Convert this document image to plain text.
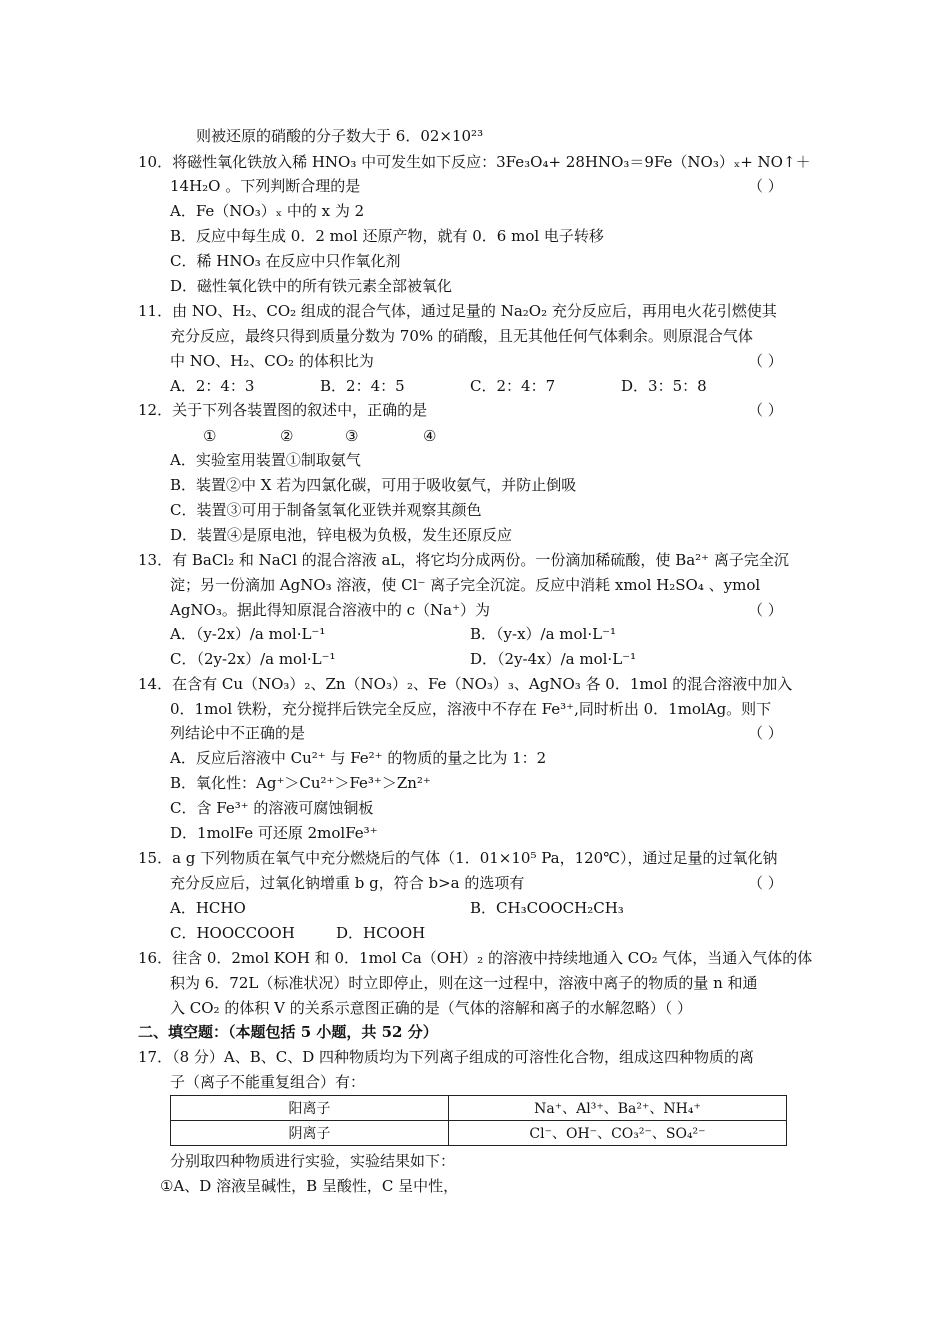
则被还原的硝酸的分子数大于 6．02×10²³
10．将磁性氧化铁放入稀 HNO₃ 中可发生如下反应：3Fe₃O₄+ 28HNO₃＝9Fe（NO₃）ₓ+ NO↑＋
14H₂O 。下列判断合理的是	（ ）
A．Fe（NO₃）ₓ 中的 x 为 2
B．反应中每生成 0．2 mol 还原产物，就有 0．6 mol 电子转移
C．稀 HNO₃ 在反应中只作氧化剂
D．磁性氧化铁中的所有铁元素全部被氧化
11．由 NO、H₂、CO₂ 组成的混合气体，通过足量的 Na₂O₂ 充分反应后，再用电火花引燃使其
充分反应，最终只得到质量分数为 70% 的硝酸，且无其他任何气体剩余。则原混合气体
中 NO、H₂、CO₂ 的体积比为	（ ）
A．2：4：3	B．2：4：5	C．2：4：7	D．3：5：8
12．关于下列各装置图的叙述中，正确的是	（ ）
①	②	③	④
A．实验室用装置①制取氨气
B．装置②中 X 若为四氯化碳，可用于吸收氨气，并防止倒吸
C．装置③可用于制备氢氧化亚铁并观察其颜色
D．装置④是原电池，锌电极为负极，发生还原反应
13．有 BaCl₂ 和 NaCl 的混合溶液 aL，将它均分成两份。一份滴加稀硫酸，使 Ba²⁺ 离子完全沉
淀；另一份滴加 AgNO₃ 溶液，使 Cl⁻ 离子完全沉淀。反应中消耗 xmol H₂SO₄ 、ymol
AgNO₃。据此得知原混合溶液中的 c（Na⁺）为	（ ）
A．（y-2x）/a mol·L⁻¹	B．（y-x）/a mol·L⁻¹
C．（2y-2x）/a mol·L⁻¹	D．（2y-4x）/a mol·L⁻¹
14．在含有 Cu（NO₃）₂、Zn（NO₃）₂、Fe（NO₃）₃、AgNO₃ 各 0．1mol 的混合溶液中加入
0．1mol 铁粉，充分搅拌后铁完全反应，溶液中不存在 Fe³⁺,同时析出 0．1molAg。则下
列结论中不正确的是	（ ）
A．反应后溶液中 Cu²⁺ 与 Fe²⁺ 的物质的量之比为 1：2
B．氧化性：Ag⁺＞Cu²⁺＞Fe³⁺＞Zn²⁺
C．含 Fe³⁺ 的溶液可腐蚀铜板
D．1molFe 可还原 2molFe³⁺
15．a g 下列物质在氧气中充分燃烧后的气体（1．01×10⁵ Pa，120℃），通过足量的过氧化钠
充分反应后，过氧化钠增重 b g，符合 b>a 的选项有	（ ）
A．HCHO	B．CH₃COOCH₂CH₃
C．HOOCCOOH	D．HCOOH
16．往含 0．2mol KOH 和 0．1mol Ca（OH）₂ 的溶液中持续地通入 CO₂ 气体，当通入气体的体
积为 6．72L（标准状况）时立即停止，则在这一过程中，溶液中离子的物质的量 n 和通
入 CO₂ 的体积 V 的关系示意图正确的是（气体的溶解和离子的水解忽略）（ ）
二、填空题：（本题包括 5 小题，共 52 分）
17．（8 分）A、B、C、D 四种物质均为下列离子组成的可溶性化合物，组成这四种物质的离
子（离子不能重复组合）有：
阳离子	Na⁺、Al³⁺、Ba²⁺、NH₄⁺
阴离子	Cl⁻、OH⁻、CO₃²⁻、SO₄²⁻
分别取四种物质进行实验，实验结果如下：
①A、D 溶液呈碱性，B 呈酸性，C 呈中性，
